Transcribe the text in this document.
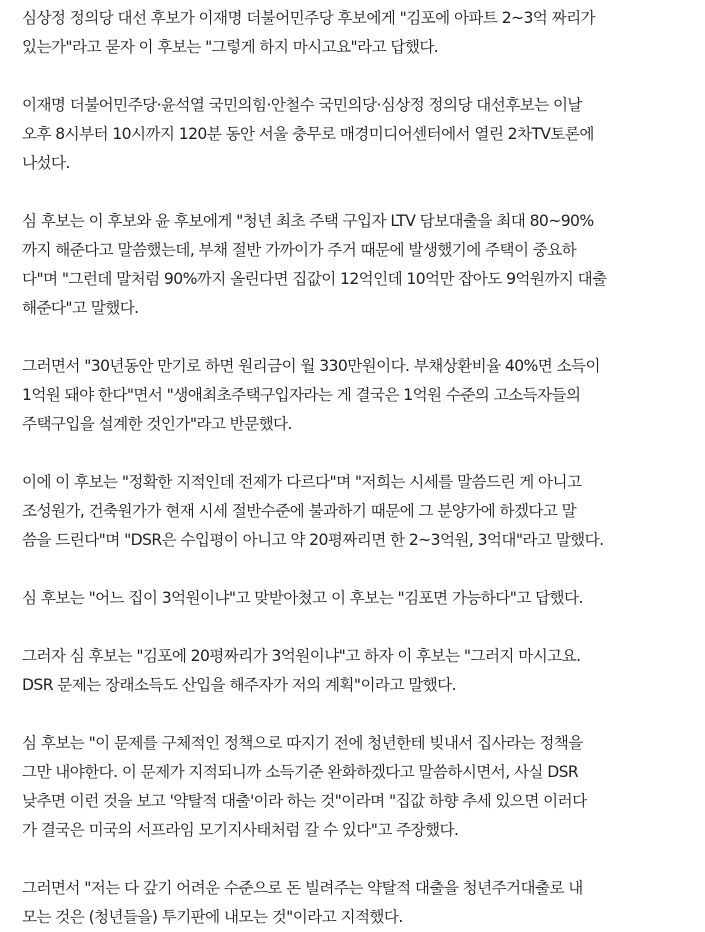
심상정 정의당 대선 후보가 이재명 더불어민주당 후보에게 "김포에 아파트 2~3억 짜리가
있는가"라고 묻자 이 후보는 "그렇게 하지 마시고요"라고 답했다.

이재명 더불어민주당·윤석열 국민의힘·안철수 국민의당·심상정 정의당 대선후보는 이날
오후 8시부터 10시까지 120분 동안 서울 충무로 매경미디어센터에서 열린 2차TV토론에
나섰다.

심 후보는 이 후보와 윤 후보에게 "청년 최초 주택 구입자 LTV 담보대출을 최대 80~90%
까지 해준다고 말씀했는데, 부채 절반 가까이가 주거 때문에 발생했기에 주택이 중요하
다"며 "그런데 말처럼 90%까지 올린다면 집값이 12억인데 10억만 잡아도 9억원까지 대출
해준다"고 말했다.

그러면서 "30년동안 만기로 하면 원리금이 월 330만원이다. 부채상환비율 40%면 소득이
1억원 돼야 한다"면서 "생애최초주택구입자라는 게 결국은 1억원 수준의 고소득자들의
주택구입을 설계한 것인가"라고 반문했다.

이에 이 후보는 "정확한 지적인데 전제가 다르다"며 "저희는 시세를 말씀드린 게 아니고
조성원가, 건축원가가 현재 시세 절반수준에 불과하기 때문에 그 분양가에 하겠다고 말
씀을 드린다"며 "DSR은 수입평이 아니고 약 20평짜리면 한 2~3억원, 3억대"라고 말했다.

심 후보는 "어느 집이 3억원이냐"고 맞받아쳤고 이 후보는 "김포면 가능하다"고 답했다.

그러자 심 후보는 "김포에 20평짜리가 3억원이냐"고 하자 이 후보는 "그러지 마시고요.
DSR 문제는 장래소득도 산입을 해주자가 저의 계획"이라고 말했다.

심 후보는 "이 문제를 구체적인 정책으로 따지기 전에 청년한테 빚내서 집사라는 정책을
그만 내야한다. 이 문제가 지적되니까 소득기준 완화하겠다고 말씀하시면서, 사실 DSR
낮추면 이런 것을 보고 '약탈적 대출'이라 하는 것"이라며 "집값 하향 추세 있으면 이러다
가 결국은 미국의 서프라임 모기지사태처럼 갈 수 있다"고 주장했다.

그러면서 "저는 다 갚기 어려운 수준으로 돈 빌려주는 약탈적 대출을 청년주거대출로 내
모는 것은 (청년들을) 투기판에 내모는 것"이라고 지적했다.
